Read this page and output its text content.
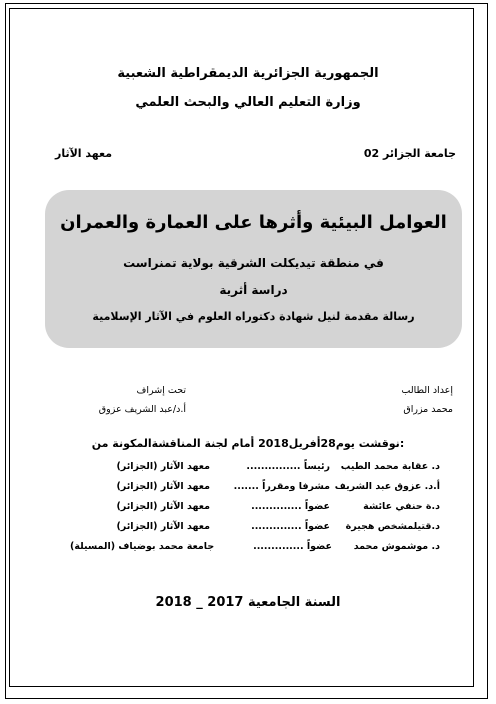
الجمهورية الجزائرية الديمقراطية الشعبية
وزارة التعليم العالي والبحث العلمي
جامعة الجزائر 02
معهد الآثار
العوامل البيئية وأثرها على العمارة والعمران
في منطقة تيديكلت الشرقية بولاية تمنراست
دراسة أثرية
رسالة مقدمة لنيل شهادة دكتوراه العلوم في الآثار الإسلامية
إعداد الطالب
محمد مزراق
تحت إشراف
أ.د/عبد الشريف عزوق
نوقشت يوم28أفريل2018 أمام لجنة المناقشةالمكونة من:
د. عقابة محمد الطيب
رئيساً ...............
معهد الآثار (الجزائر)
أ.د. عزوق عبد الشريف
مشرفا ومقرراً .......
معهد الآثار (الجزائر)
د.ة حنفي عائشة
عضواً ..............
معهد الآثار (الجزائر)
د.قتيلمشخص هجيرة
عضواً ..............
معهد الآثار (الجزائر)
د. موشموش محمد
عضواً ..............
جامعة محمد بوضياف (المسيلة)
السنة الجامعية 2017 _ 2018
